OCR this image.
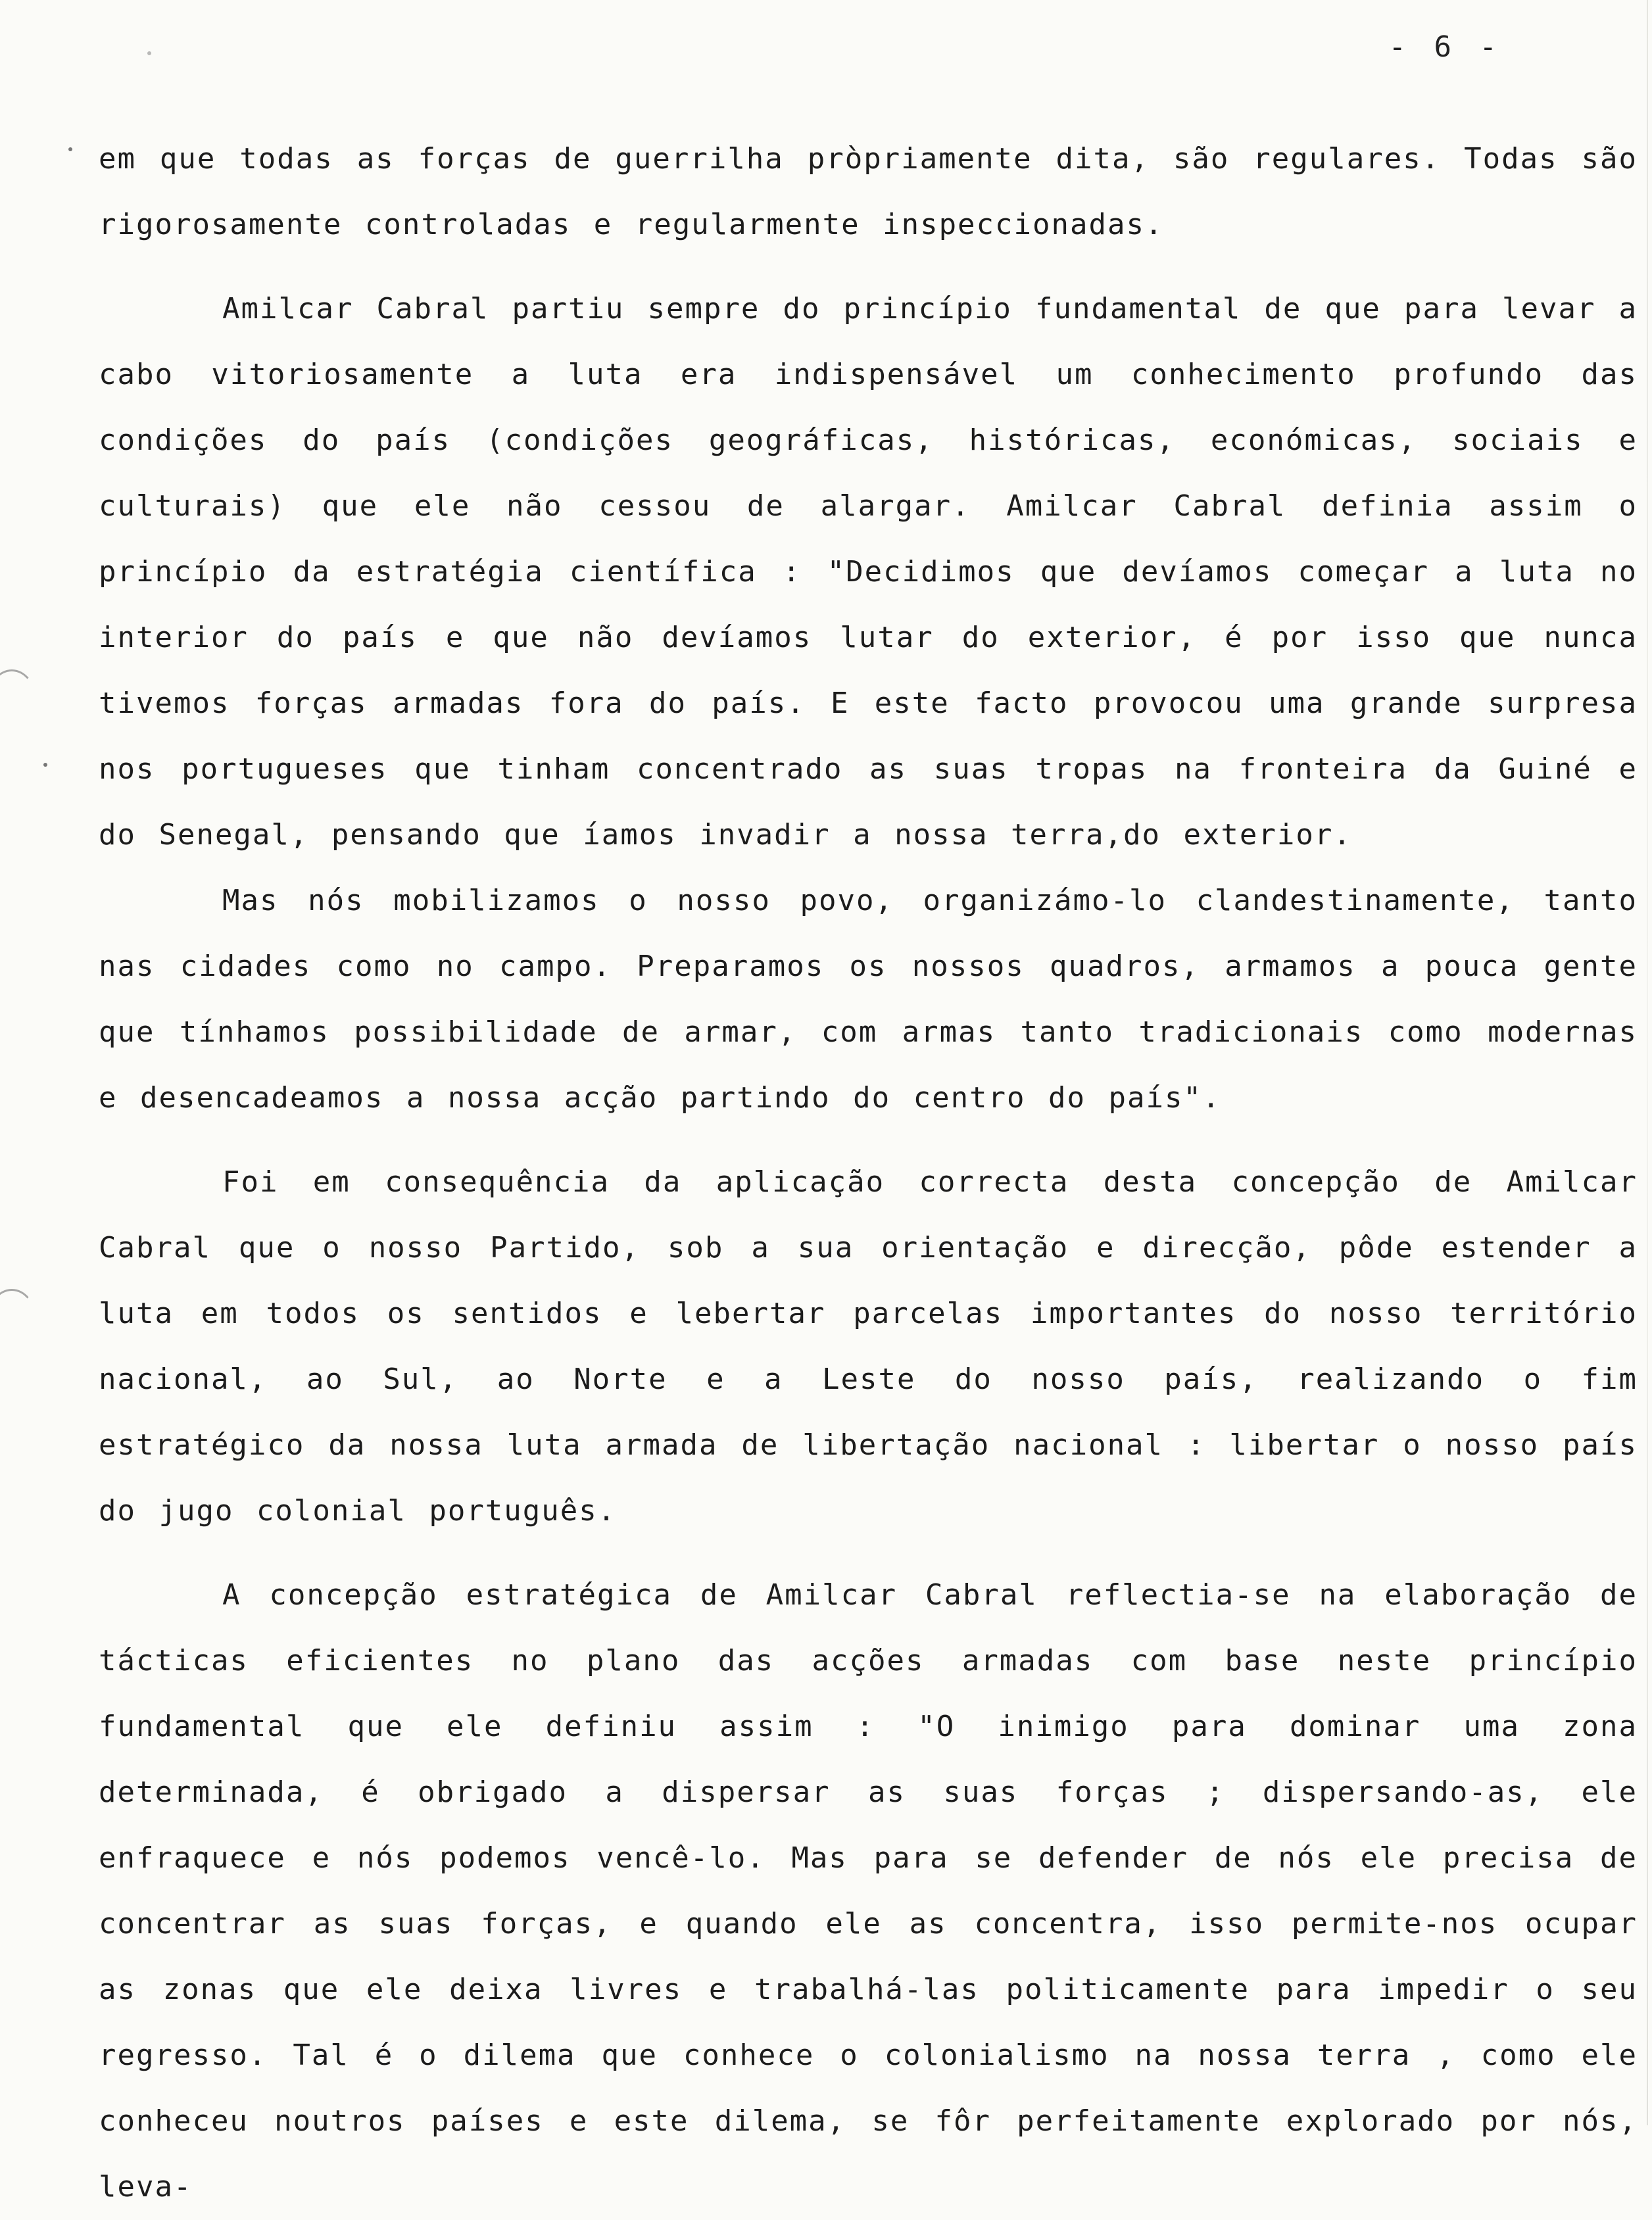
- 6 -

em que todas as forças de guerrilha pròpriamente dita, são regulares. Todas são rigorosamente controladas e regularmente inspeccionadas.

Amilcar Cabral partiu sempre do princípio fundamental de que para levar a cabo vitoriosamente a luta era indispensável um conhecimento profundo das condições do país (condições geográficas, históricas, económicas, sociais e culturais) que ele não cessou de alargar. Amilcar Cabral definia assim o princípio da estratégia científica : "Decidimos que devíamos começar a luta no interior do país e que não devíamos lutar do exterior, é por isso que nunca tivemos forças armadas fora do país. E este facto provocou uma grande surpresa nos portugueses que tinham concentrado as suas tropas na fronteira da Guiné e do Senegal, pensando que íamos invadir a nossa terra,do exterior.

Mas nós mobilizamos o nosso povo, organizámo-lo clandestinamente, tanto nas cidades como no campo. Preparamos os nossos quadros, armamos a pouca gente que tínhamos possibilidade de armar, com armas tanto tradicionais como modernas e desencadeamos a nossa acção partindo do centro do país".

Foi em consequência da aplicação correcta desta concepção de Amilcar Cabral que o nosso Partido, sob a sua orientação e direcção, pôde estender a luta em todos os sentidos e lebertar parcelas importantes do nosso território nacional, ao Sul, ao Norte e a Leste do nosso país, realizando o fim estratégico da nossa luta armada de libertação nacional : libertar o nosso país do jugo colonial português.

A concepção estratégica de Amilcar Cabral reflectia-se na elaboração de tácticas eficientes no plano das acções armadas com base neste princípio fundamental que ele definiu assim : "O inimigo para dominar uma zona determinada, é obrigado a dispersar as suas forças ; dispersando-as, ele enfraquece e nós podemos vencê-lo. Mas para se defender de nós ele precisa de concentrar as suas forças, e quando ele as concentra, isso permite-nos ocupar as zonas que ele deixa livres e trabalhá-las politicamente para impedir o seu regresso. Tal é o dilema que conhece o colonialismo na nossa terra , como ele conheceu noutros países e este dilema, se fôr perfeitamente explorado por nós, leva-
